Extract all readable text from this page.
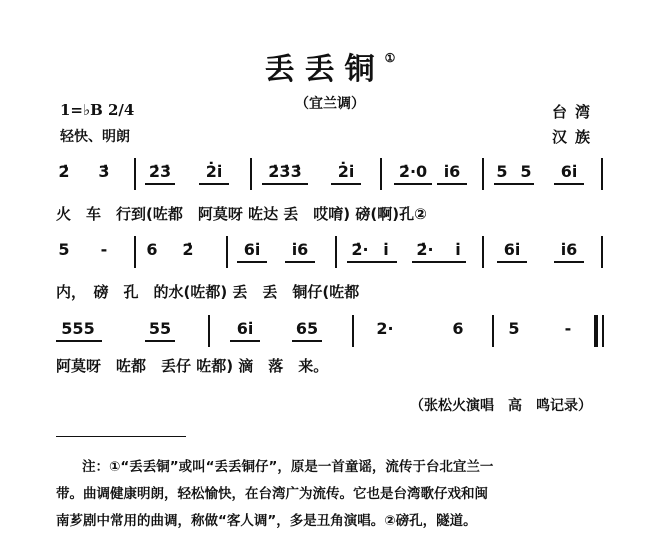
丢丢铜①
（宜兰调）
1=♭B 2/4
轻快、明朗
台湾
汉族
2̇ 3̇ 2̇3̇ 2̇i̇	2̇3̇3̇ 2̇i̇	2̇·0 i̇6 5 5 6i̇
火　车　行到(咗都　阿莫呀 咗达 丢　哎唷) 磅(啊)孔②
5 - 6 2̇	6i̇ i̇6	2̇· i̇ 2̇· i̇	6i̇	i̇6
内，　磅　孔　的水(咗都) 丢　丢　铜仔(咗都
555	55	6i̇	65	2·	6	5	-
阿莫呀　咗都　丢仔 咗都) 滴　落　来。
（张松火演唱　高　鸣记录）
注：①“丢丢铜”或叫“丢丢铜仔”，原是一首童谣，流传于台北宜兰一
带。曲调健康明朗，轻松愉快，在台湾广为流传。它也是台湾歌仔戏和闽
南芗剧中常用的曲调，称做“客人调”，多是丑角演唱。②磅孔，隧道。
